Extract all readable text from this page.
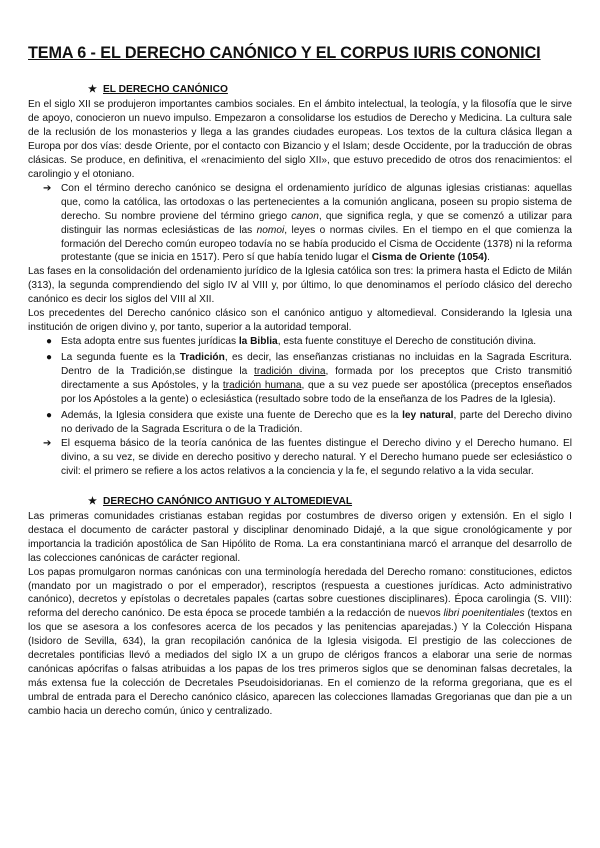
TEMA 6 - EL DERECHO CANÓNICO Y EL CORPUS IURIS CONONICI
★ EL DERECHO CANÓNICO

En el siglo XII se produjeron importantes cambios sociales. En el ámbito intelectual, la teología, y la filosofía que le sirve de apoyo, conocieron un nuevo impulso. Empezaron a consolidarse los estudios de Derecho y Medicina. La cultura sale de la reclusión de los monasterios y llega a las grandes ciudades europeas. Los textos de la cultura clásica llegan a Europa por dos vías: desde Oriente, por el contacto con Bizancio y el Islam; desde Occidente, por la traducción de obras clásicas. Se produce, en definitiva, el «renacimiento del siglo XII», que estuvo precedido de otros dos renacimientos: el carolingio y el otoniano.

➔ Con el término derecho canónico se designa el ordenamiento jurídico de algunas iglesias cristianas: aquellas que, como la católica, las ortodoxas o las pertenecientes a la comunión anglicana, poseen su propio sistema de derecho. Su nombre proviene del término griego canon, que significa regla, y que se comenzó a utilizar para distinguir las normas eclesiásticas de las nomoi, leyes o normas civiles. En el tiempo en el que comienza la formación del Derecho común europeo todavía no se había producido el Cisma de Occidente (1378) ni la reforma protestante (que se inicia en 1517). Pero sí que había tenido lugar el Cisma de Oriente (1054).

Las fases en la consolidación del ordenamiento jurídico de la Iglesia católica son tres: la primera hasta el Edicto de Milán (313), la segunda comprendiendo del siglo IV al VIII y, por último, lo que denominamos el período clásico del derecho canónico es decir los siglos del VIII al XII.

Los precedentes del Derecho canónico clásico son el canónico antiguo y altomedieval. Considerando la Iglesia una institución de origen divino y, por tanto, superior a la autoridad temporal.

● Esta adopta entre sus fuentes jurídicas la Biblia, esta fuente constituye el Derecho de constitución divina.
● La segunda fuente es la Tradición, es decir, las enseñanzas cristianas no incluidas en la Sagrada Escritura. Dentro de la Tradición,se distingue la tradición divina, formada por los preceptos que Cristo transmitió directamente a sus Apóstoles, y la tradición humana, que a su vez puede ser apostólica (preceptos enseñados por los Apóstoles a la gente) o eclesiástica (resultado sobre todo de la enseñanza de los Padres de la Iglesia).
● Además, la Iglesia considera que existe una fuente de Derecho que es la ley natural, parte del Derecho divino no derivado de la Sagrada Escritura o de la Tradición.
➔ El esquema básico de la teoría canónica de las fuentes distingue el Derecho divino y el Derecho humano. El divino, a su vez, se divide en derecho positivo y derecho natural. Y el Derecho humano puede ser eclesiástico o civil: el primero se refiere a los actos relativos a la conciencia y la fe, el segundo relativo a la vida secular.
★ DERECHO CANÓNICO ANTIGUO Y ALTOMEDIEVAL

Las primeras comunidades cristianas estaban regidas por costumbres de diverso origen y extensión. En el siglo I destaca el documento de carácter pastoral y disciplinar denominado Didajé, a la que sigue cronológicamente y por importancia la tradición apostólica de San Hipólito de Roma. La era constantiniana marcó el arranque del desarrollo de las colecciones canónicas de carácter regional.

Los papas promulgaron normas canónicas con una terminología heredada del Derecho romano: constituciones, edictos (mandato por un magistrado o por el emperador), rescriptos (respuesta a cuestiones jurídicas. Acto administrativo canónico), decretos y epístolas o decretales papales (cartas sobre cuestiones disciplinares). Época carolingia (S. VIII): reforma del derecho canónico. De esta época se procede también a la redacción de nuevos libri poenitentiales (textos en los que se asesora a los confesores acerca de los pecados y las penitencias aparejadas.) Y la Colección Hispana (Isidoro de Sevilla, 634), la gran recopilación canónica de la Iglesia visigoda. El prestigio de las colecciones de decretales pontificias llevó a mediados del siglo IX a un grupo de clérigos francos a elaborar una serie de normas canónicas apócrifas o falsas atribuidas a los papas de los tres primeros siglos que se denominan falsas decretales, la más extensa fue la colección de Decretales Pseudoisidorianas. En el comienzo de la reforma gregoriana, que es el umbral de entrada para el Derecho canónico clásico, aparecen las colecciones llamadas Gregorianas que dan pie a un cambio hacia un derecho común, único y centralizado.
